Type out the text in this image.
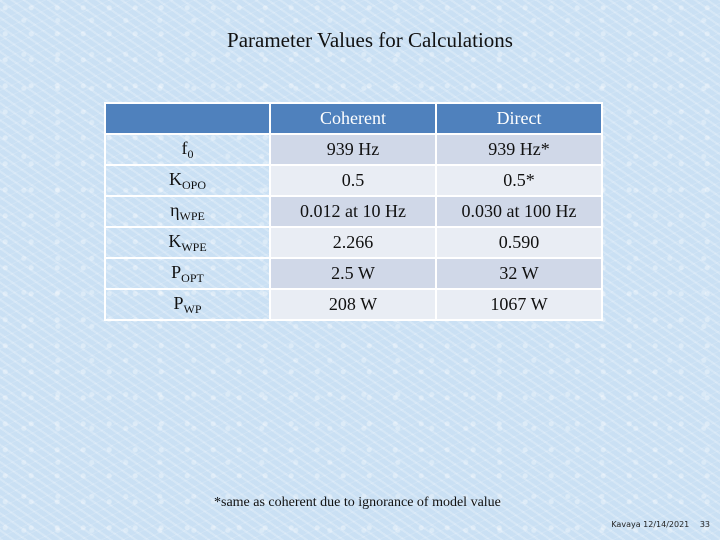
Parameter Values for Calculations
	Coherent	Direct
$f_0$	939 Hz	939 Hz*
$K_{OPO}$	0.5	0.5*
$\eta_{WPE}$	0.012 at 10 Hz	0.030 at 100 Hz
$K_{WPE}$	2.266	0.590
$P_{OPT}$	2.5 W	32 W
$P_{WP}$	208 W	1067 W
*same as coherent due to ignorance of model value
Kavaya 12/14/2021 33
